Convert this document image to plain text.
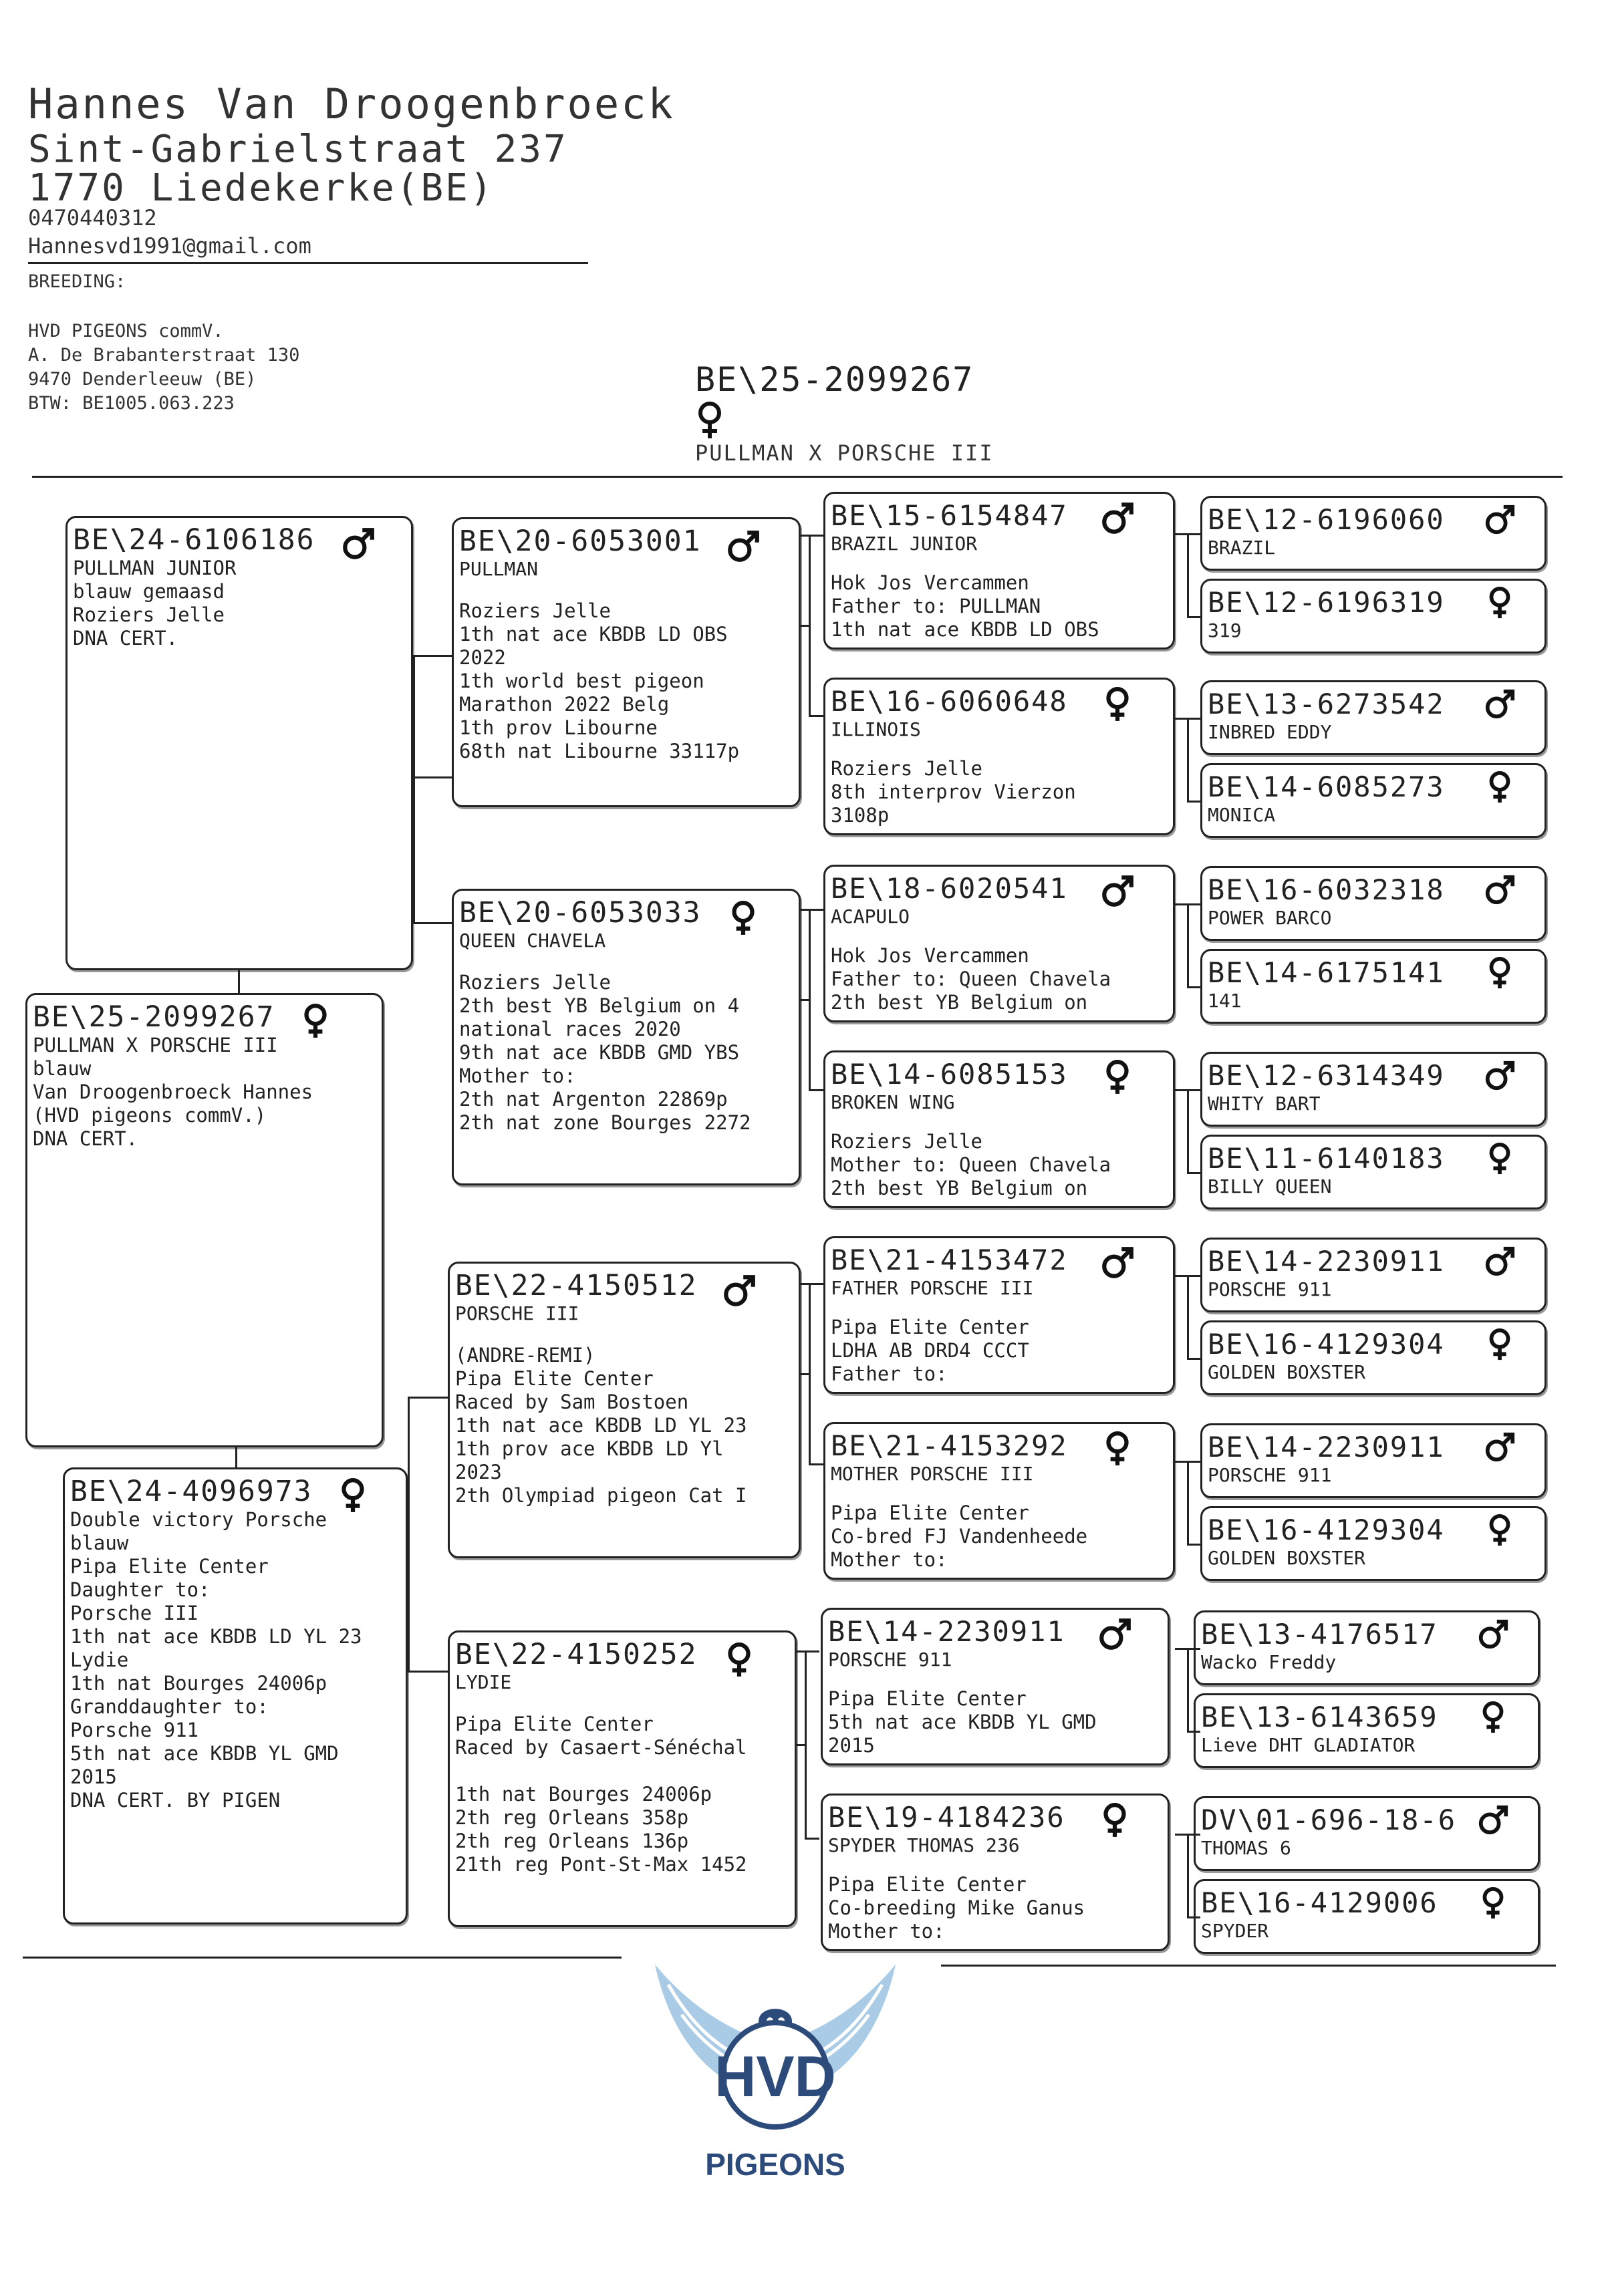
Hannes Van Droogenbroeck
Sint-Gabrielstraat 237
1770 Liedekerke(BE)
0470440312
Hannesvd1991@gmail.com
BREEDING:
HVD PIGEONS commV.
A. De Brabanterstraat 130
9470 Denderleeuw (BE)
BTW: BE1005.063.223
BE\25-2099267
PULLMAN X PORSCHE III
BE\24-6106186
PULLMAN JUNIOR
blauw gemaasd
Roziers Jelle
DNA CERT.
BE\25-2099267
PULLMAN X PORSCHE III
blauw
Van Droogenbroeck Hannes
(HVD pigeons commV.)
DNA CERT.
BE\24-4096973
Double victory Porsche
blauw
Pipa Elite Center
Daughter to:
Porsche III
1th nat ace KBDB LD YL 23
Lydie
1th nat Bourges 24006p
Granddaughter to:
Porsche 911
5th nat ace KBDB YL GMD
2015
DNA CERT. BY PIGEN
BE\20-6053001
PULLMAN
Roziers Jelle
1th nat ace KBDB LD OBS
2022
1th world best pigeon
Marathon 2022 Belg
1th prov Libourne
68th nat Libourne 33117p
BE\20-6053033
QUEEN CHAVELA
Roziers Jelle
2th best YB Belgium on 4
national races 2020
9th nat ace KBDB GMD YBS
Mother to:
2th nat Argenton 22869p
2th nat zone Bourges 2272
BE\22-4150512
PORSCHE III
(ANDRE-REMI)
Pipa Elite Center
Raced by Sam Bostoen
1th nat ace KBDB LD YL 23
1th prov ace KBDB LD Yl
2023
2th Olympiad pigeon Cat I
BE\22-4150252
LYDIE
Pipa Elite Center
Raced by Casaert-Sénéchal
1th nat Bourges 24006p
2th reg Orleans 358p
2th reg Orleans 136p
21th reg Pont-St-Max 1452
BE\15-6154847
BRAZIL JUNIOR
Hok Jos Vercammen
Father to: PULLMAN
1th nat ace KBDB LD OBS
BE\16-6060648
ILLINOIS
Roziers Jelle
8th interprov Vierzon
3108p
BE\18-6020541
ACAPULO
Hok Jos Vercammen
Father to: Queen Chavela
2th best YB Belgium on
BE\14-6085153
BROKEN WING
Roziers Jelle
Mother to: Queen Chavela
2th best YB Belgium on
BE\21-4153472
FATHER PORSCHE III
Pipa Elite Center
LDHA AB DRD4 CCCT
Father to:
BE\21-4153292
MOTHER PORSCHE III
Pipa Elite Center
Co-bred FJ Vandenheede
Mother to:
BE\14-2230911
PORSCHE 911
Pipa Elite Center
5th nat ace KBDB YL GMD
2015
BE\19-4184236
SPYDER THOMAS 236
Pipa Elite Center
Co-breeding Mike Ganus
Mother to:
BE\12-6196060
BRAZIL
BE\12-6196319
319
BE\13-6273542
INBRED EDDY
BE\14-6085273
MONICA
BE\16-6032318
POWER BARCO
BE\14-6175141
141
BE\12-6314349
WHITY BART
BE\11-6140183
BILLY QUEEN
BE\14-2230911
PORSCHE 911
BE\16-4129304
GOLDEN BOXSTER
BE\14-2230911
PORSCHE 911
BE\16-4129304
GOLDEN BOXSTER
BE\13-4176517
Wacko Freddy
BE\13-6143659
Lieve DHT GLADIATOR
DV\01-696-18-6
THOMAS 6
BE\16-4129006
SPYDER
HVD
PIGEONS
